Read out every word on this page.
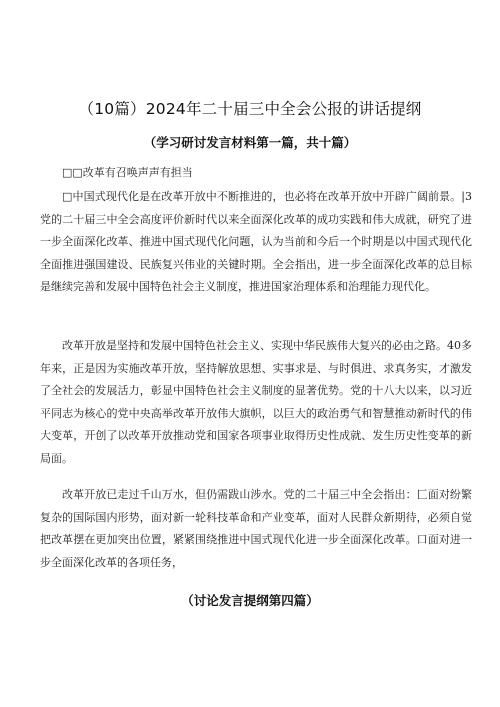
（10篇）2024年二十届三中全会公报的讲话提纲
（学习研讨发言材料第一篇，共十篇）
□□改革有召唤声声有担当

□中国式现代化是在改革开放中不断推进的，也必将在改革开放中开辟广阔前景。|3党的二十届三中全会高度评价新时代以来全面深化改革的成功实践和伟大成就，研究了进一步全面深化改革、推进中国式现代化问题，认为当前和今后一个时期是以中国式现代化全面推进强国建设、民族复兴伟业的关键时期。全会指出，进一步全面深化改革的总目标是继续完善和发展中国特色社会主义制度，推进国家治理体系和治理能力现代化。

改革开放是坚持和发展中国特色社会主义、实现中华民族伟大复兴的必由之路。40多年来，正是因为实施改革开放，坚持解放思想、实事求是、与时俱进、求真务实，才激发了全社会的发展活力，彰显中国特色社会主义制度的显著优势。党的十八大以来，以习近平同志为核心的党中央高举改革开放伟大旗帜，以巨大的政治勇气和智慧推动新时代的伟大变革，开创了以改革开放推动党和国家各项事业取得历史性成就、发生历史性变革的新局面。

改革开放已走过千山万水，但仍需跋山涉水。党的二十届三中全会指出：匚面对纷繁复杂的国际国内形势，面对新一轮科技革命和产业变革，面对人民群众新期待，必须自觉把改革摆在更加突出位置，紧紧围绕推进中国式现代化进一步全面深化改革。口面对进一步全面深化改革的各项任务，

（讨论发言提纲第四篇）
